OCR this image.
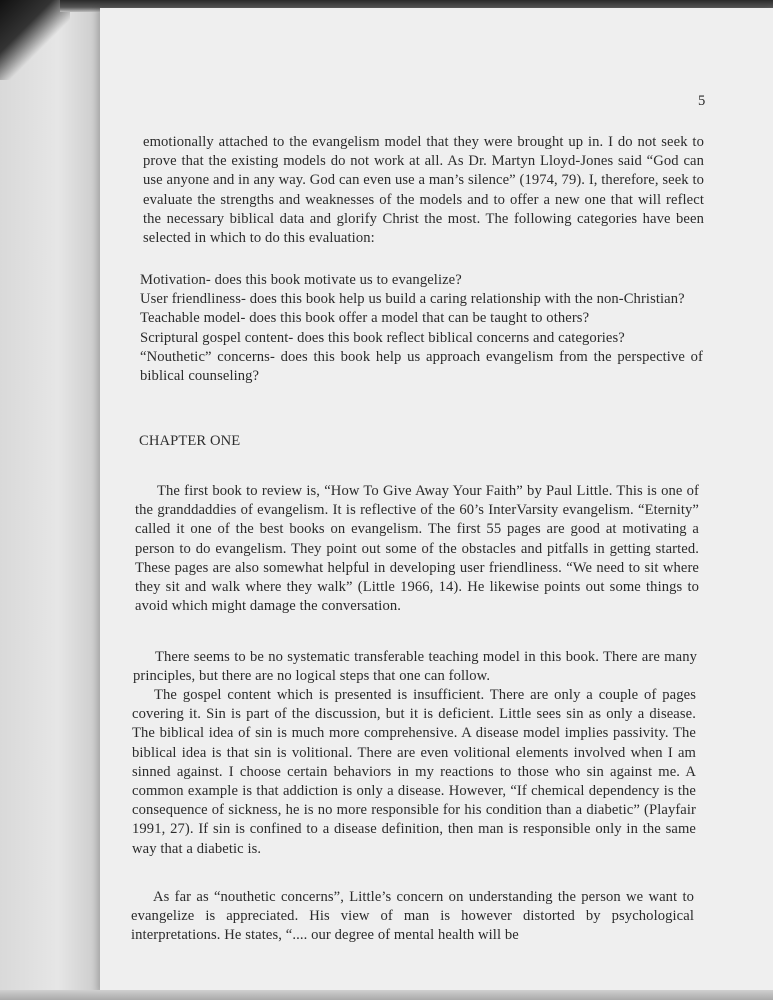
5
emotionally attached to the evangelism model that they were brought up in. I do not seek to prove that the existing models do not work at all. As Dr. Martyn Lloyd-Jones said “God can use anyone and in any way. God can even use a man’s silence” (1974, 79). I, therefore, seek to evaluate the strengths and weaknesses of the models and to offer a new one that will reflect the necessary biblical data and glorify Christ the most. The following categories have been selected in which to do this evaluation:
Motivation- does this book motivate us to evangelize?
User friendliness- does this book help us build a caring relationship with the non-Christian?
Teachable model- does this book offer a model that can be taught to others?
Scriptural gospel content- does this book reflect biblical concerns and categories?
“Nouthetic” concerns- does this book help us approach evangelism from the perspective of biblical counseling?
CHAPTER ONE
The first book to review is, “How To Give Away Your Faith” by Paul Little. This is one of the granddaddies of evangelism. It is reflective of the 60’s InterVarsity evangelism. “Eternity” called it one of the best books on evangelism. The first 55 pages are good at motivating a person to do evangelism. They point out some of the obstacles and pitfalls in getting started. These pages are also somewhat helpful in developing user friendliness. “We need to sit where they sit and walk where they walk” (Little 1966, 14). He likewise points out some things to avoid which might damage the conversation.
There seems to be no systematic transferable teaching model in this book. There are many principles, but there are no logical steps that one can follow.
The gospel content which is presented is insufficient. There are only a couple of pages covering it. Sin is part of the discussion, but it is deficient. Little sees sin as only a disease. The biblical idea of sin is much more comprehensive. A disease model implies passivity. The biblical idea is that sin is volitional. There are even volitional elements involved when I am sinned against. I choose certain behaviors in my reactions to those who sin against me. A common example is that addiction is only a disease. However, “If chemical dependency is the consequence of sickness, he is no more responsible for his condition than a diabetic” (Playfair 1991, 27). If sin is confined to a disease definition, then man is responsible only in the same way that a diabetic is.
As far as “nouthetic concerns”, Little’s concern on understanding the person we want to evangelize is appreciated. His view of man is however distorted by psychological interpretations. He states, “.... our degree of mental health will be
